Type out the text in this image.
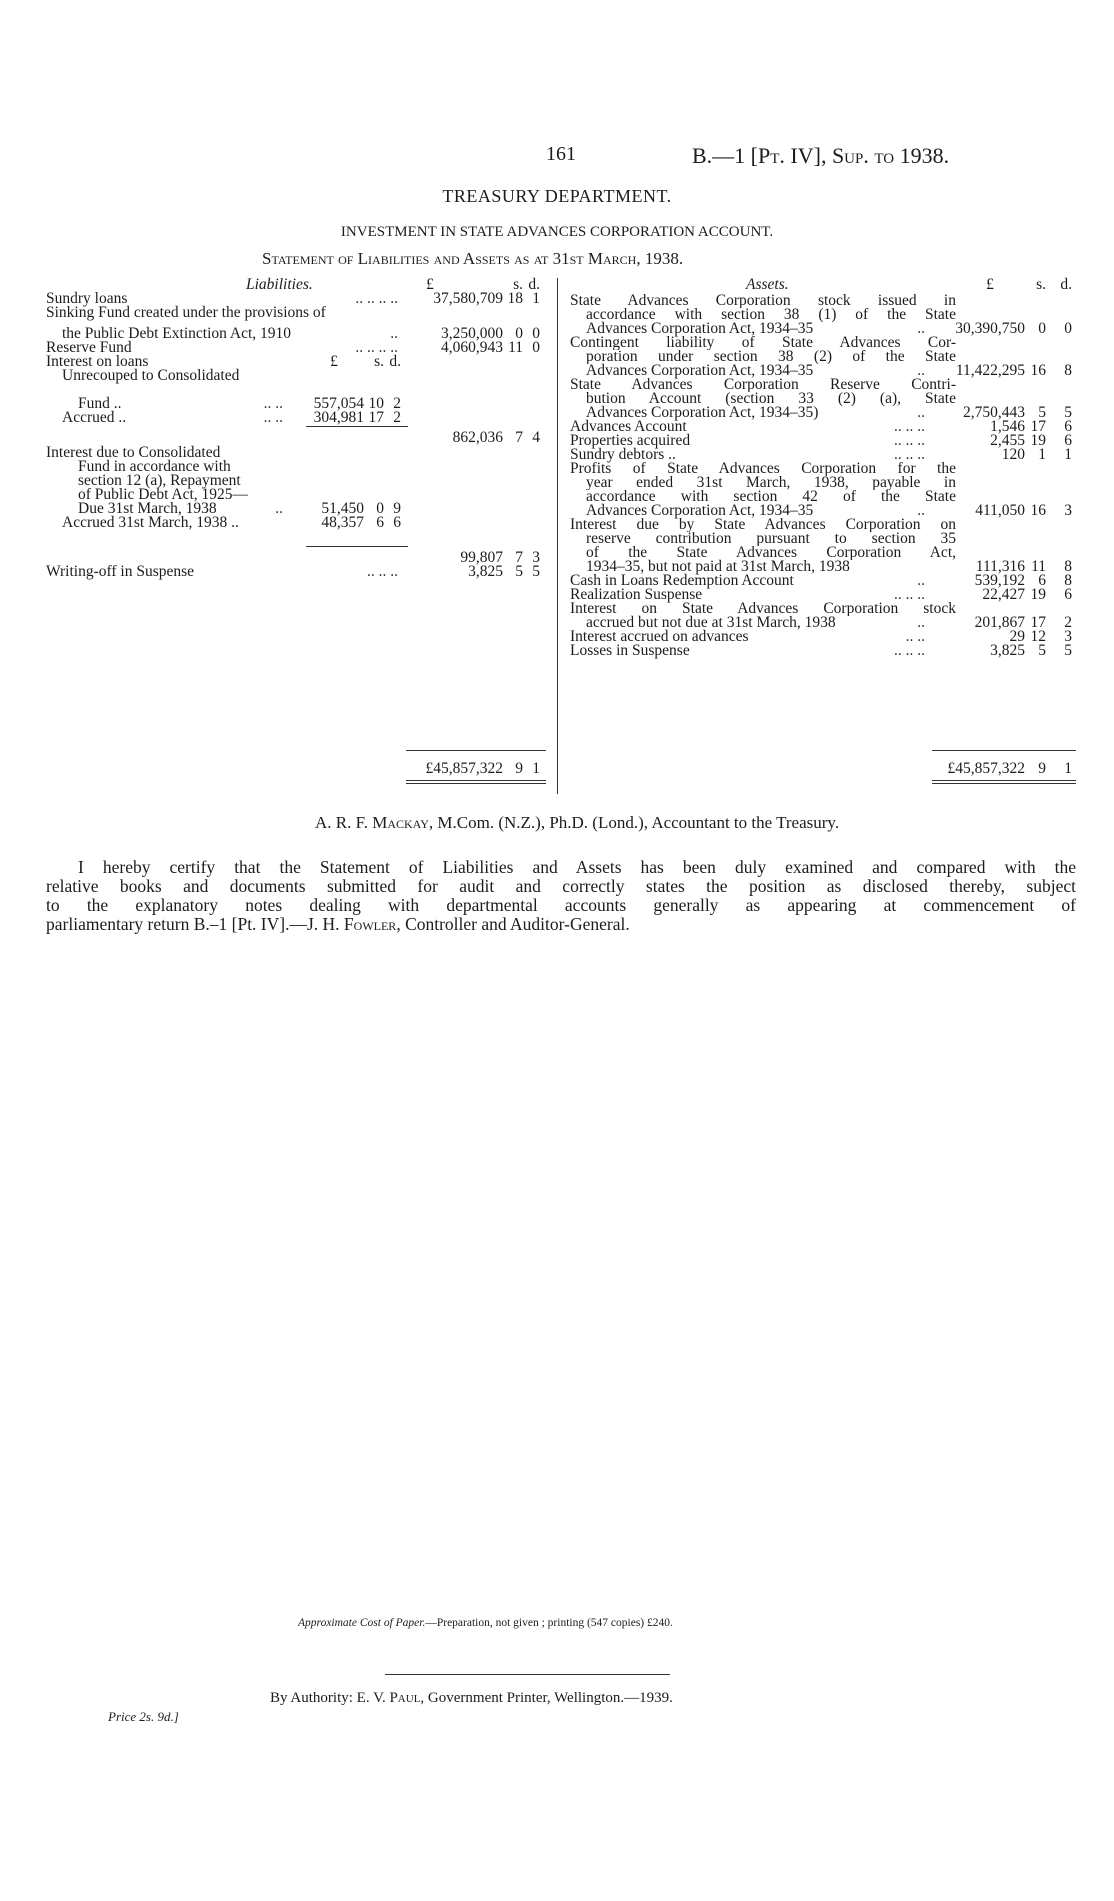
161	B.—1 [Pt. IV], Sup. to 1938.
TREASURY DEPARTMENT.
INVESTMENT IN STATE ADVANCES CORPORATION ACCOUNT.
Statement of Liabilities and Assets as at 31st March, 1938.
Liabilities.	£	s. d.
Sundry loans	.. .. .. ..	37,580,709 18 1
Sinking Fund created under the provisions of
the Public Debt Extinction Act, 1910	..	3,250,000 0 0
Reserve Fund	.. .. .. ..	4,060,943 11 0
Interest on loans	£	s. d.
Unrecouped to Consolidated
Fund ..	.. ..	557,054 10 2
Accrued ..	.. ..	304,981 17 2
862,036 7 4
Interest due to Consolidated
Fund in accordance with
section 12 (a), Repayment
of Public Debt Act, 1925—
Due 31st March, 1938	..	51,450 0 9
Accrued 31st March, 1938 ..	48,357 6 6
99,807 7 3
Writing-off in Suspense	.. .. ..	3,825 5 5
£45,857,322 9 1
Assets.	£	s. d.
State Advances Corporation stock issued in
accordance with section 38 (1) of the State
Advances Corporation Act, 1934–35	..	30,390,750 0	0
Contingent liability of State Advances Cor-
poration under section 38 (2) of the State
Advances Corporation Act, 1934–35	..	11,422,295 16	8
State Advances Corporation Reserve Contri-
bution Account (section 33 (2) (a), State
Advances Corporation Act, 1934–35)	..	2,750,443 5	5
Advances Account	.. .. ..	1,546 17	6
Properties acquired	.. .. ..	2,455 19	6
Sundry debtors ..	.. .. ..	120 1	1
Profits of State Advances Corporation for the
year ended 31st March, 1938, payable in
accordance with section 42 of the State
Advances Corporation Act, 1934–35	..	411,050 16	3
Interest due by State Advances Corporation on
reserve contribution pursuant to section 35
of the State Advances Corporation Act,
1934–35, but not paid at 31st March, 1938	111,316 11	8
Cash in Loans Redemption Account	..	539,192 6	8
Realization Suspense	.. .. ..	22,427 19	6
Interest on State Advances Corporation stock
accrued but not due at 31st March, 1938	..	201,867 17	2
Interest accrued on advances	.. ..	29 12	3
Losses in Suspense	.. .. ..	3,825 5	5
£45,857,322 9	1
A. R. F. Mackay, M.Com. (N.Z.), Ph.D. (Lond.), Accountant to the Treasury.
I hereby certify that the Statement of Liabilities and Assets has been duly examined and compared with the
relative books and documents submitted for audit and correctly states the position as disclosed thereby, subject
to the explanatory notes dealing with departmental accounts generally as appearing at commencement of
parliamentary return B.–1 [Pt. IV].—J. H. Fowler, Controller and Auditor-General.
Approximate Cost of Paper.—Preparation, not given ; printing (547 copies) £240.
By Authority: E. V. Paul, Government Printer, Wellington.—1939.
Price 2s. 9d.]
